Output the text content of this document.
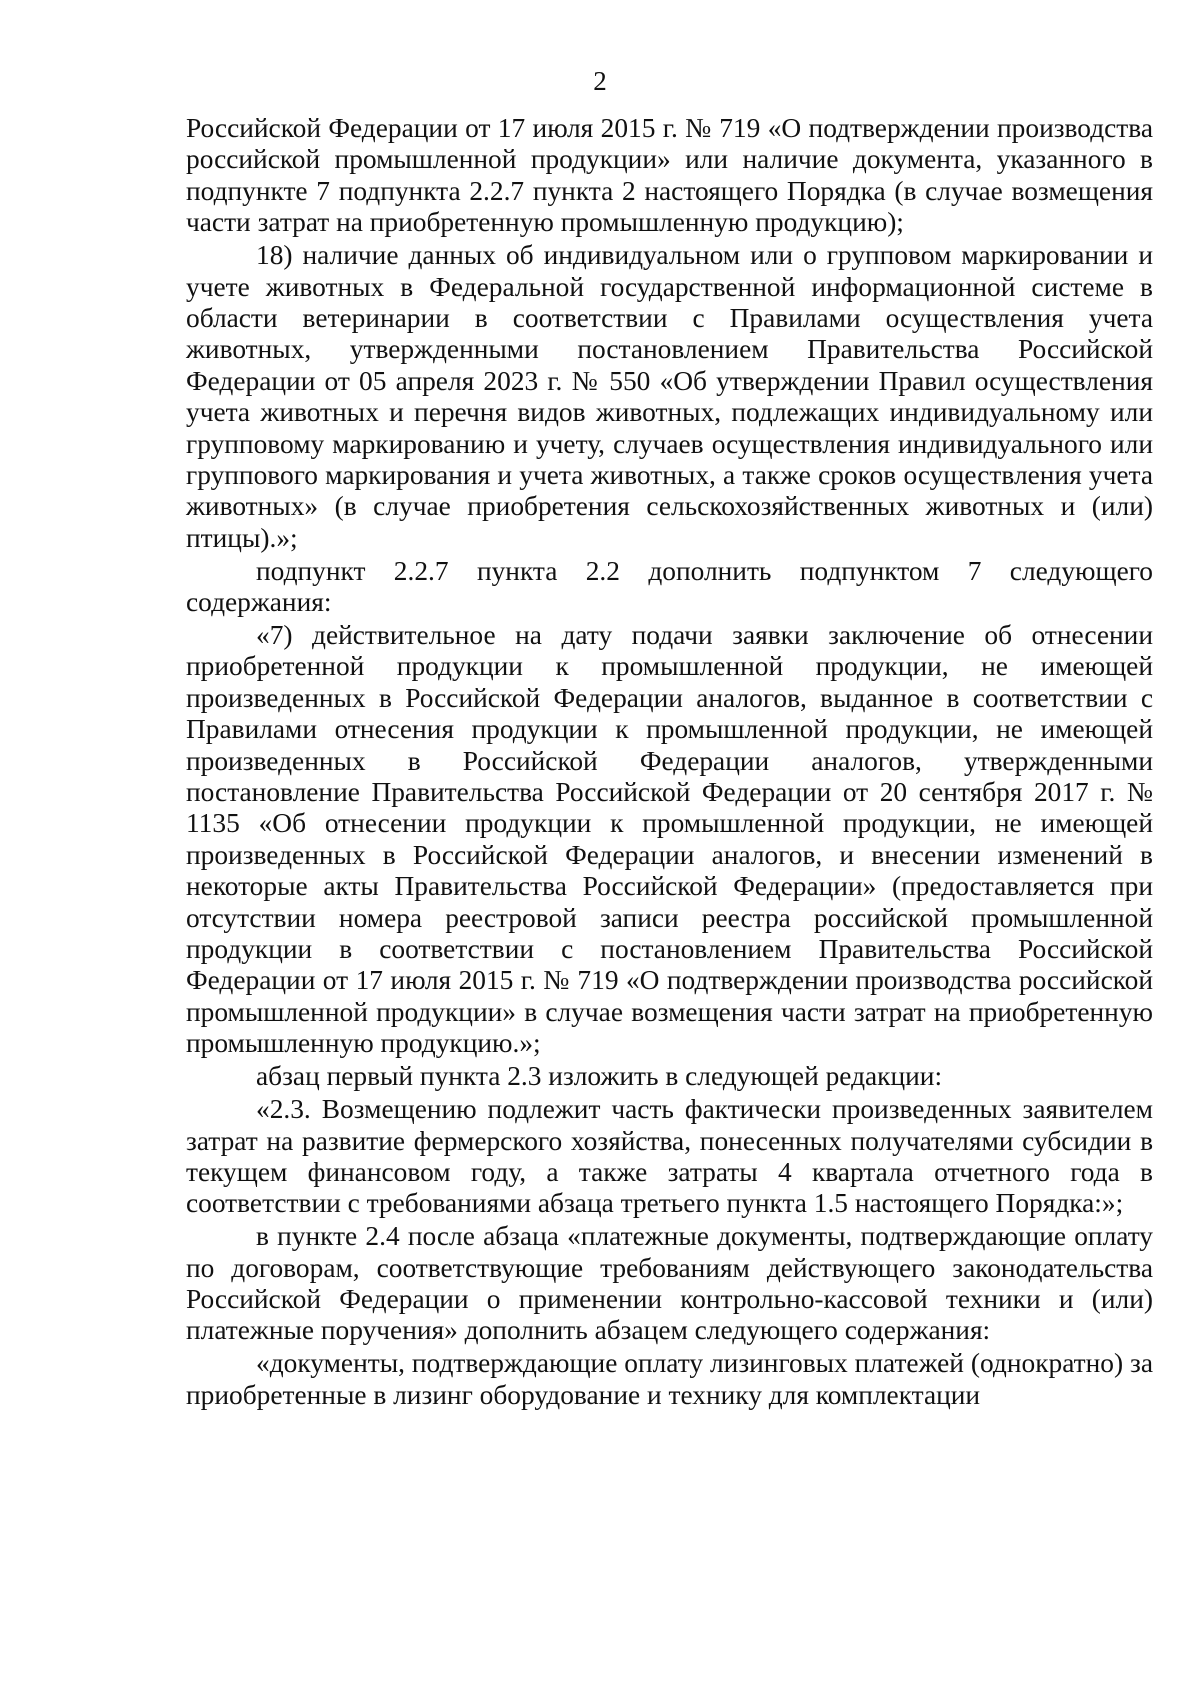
2

Российской Федерации от 17 июля 2015 г. № 719 «О подтверждении производства российской промышленной продукции» или наличие документа, указанного в подпункте 7 подпункта 2.2.7 пункта 2 настоящего Порядка (в случае возмещения части затрат на приобретенную промышленную продукцию);

18) наличие данных об индивидуальном или о групповом маркировании и учете животных в Федеральной государственной информационной системе в области ветеринарии в соответствии с Правилами осуществления учета животных, утвержденными постановлением Правительства Российской Федерации от 05 апреля 2023 г. № 550 «Об утверждении Правил осуществления учета животных и перечня видов животных, подлежащих индивидуальному или групповому маркированию и учету, случаев осуществления индивидуального или группового маркирования и учета животных, а также сроков осуществления учета животных» (в случае приобретения сельскохозяйственных животных и (или) птицы).»;

подпункт 2.2.7 пункта 2.2 дополнить подпунктом 7 следующего содержания:

«7) действительное на дату подачи заявки заключение об отнесении приобретенной продукции к промышленной продукции, не имеющей произведенных в Российской Федерации аналогов, выданное в соответствии с Правилами отнесения продукции к промышленной продукции, не имеющей произведенных в Российской Федерации аналогов, утвержденными постановление Правительства Российской Федерации от 20 сентября 2017 г. № 1135 «Об отнесении продукции к промышленной продукции, не имеющей произведенных в Российской Федерации аналогов, и внесении изменений в некоторые акты Правительства Российской Федерации» (предоставляется при отсутствии номера реестровой записи реестра российской промышленной продукции в соответствии с постановлением Правительства Российской Федерации от 17 июля 2015 г. № 719 «О подтверждении производства российской промышленной продукции» в случае возмещения части затрат на приобретенную промышленную продукцию.»;

абзац первый пункта 2.3 изложить в следующей редакции:

«2.3. Возмещению подлежит часть фактически произведенных заявителем затрат на развитие фермерского хозяйства, понесенных получателями субсидии в текущем финансовом году, а также затраты 4 квартала отчетного года в соответствии с требованиями абзаца третьего пункта 1.5 настоящего Порядка:»;

в пункте 2.4 после абзаца «платежные документы, подтверждающие оплату по договорам, соответствующие требованиям действующего законодательства Российской Федерации о применении контрольно-кассовой техники и (или) платежные поручения» дополнить абзацем следующего содержания:

«документы, подтверждающие оплату лизинговых платежей (однократно) за приобретенные в лизинг оборудование и технику для комплектации
